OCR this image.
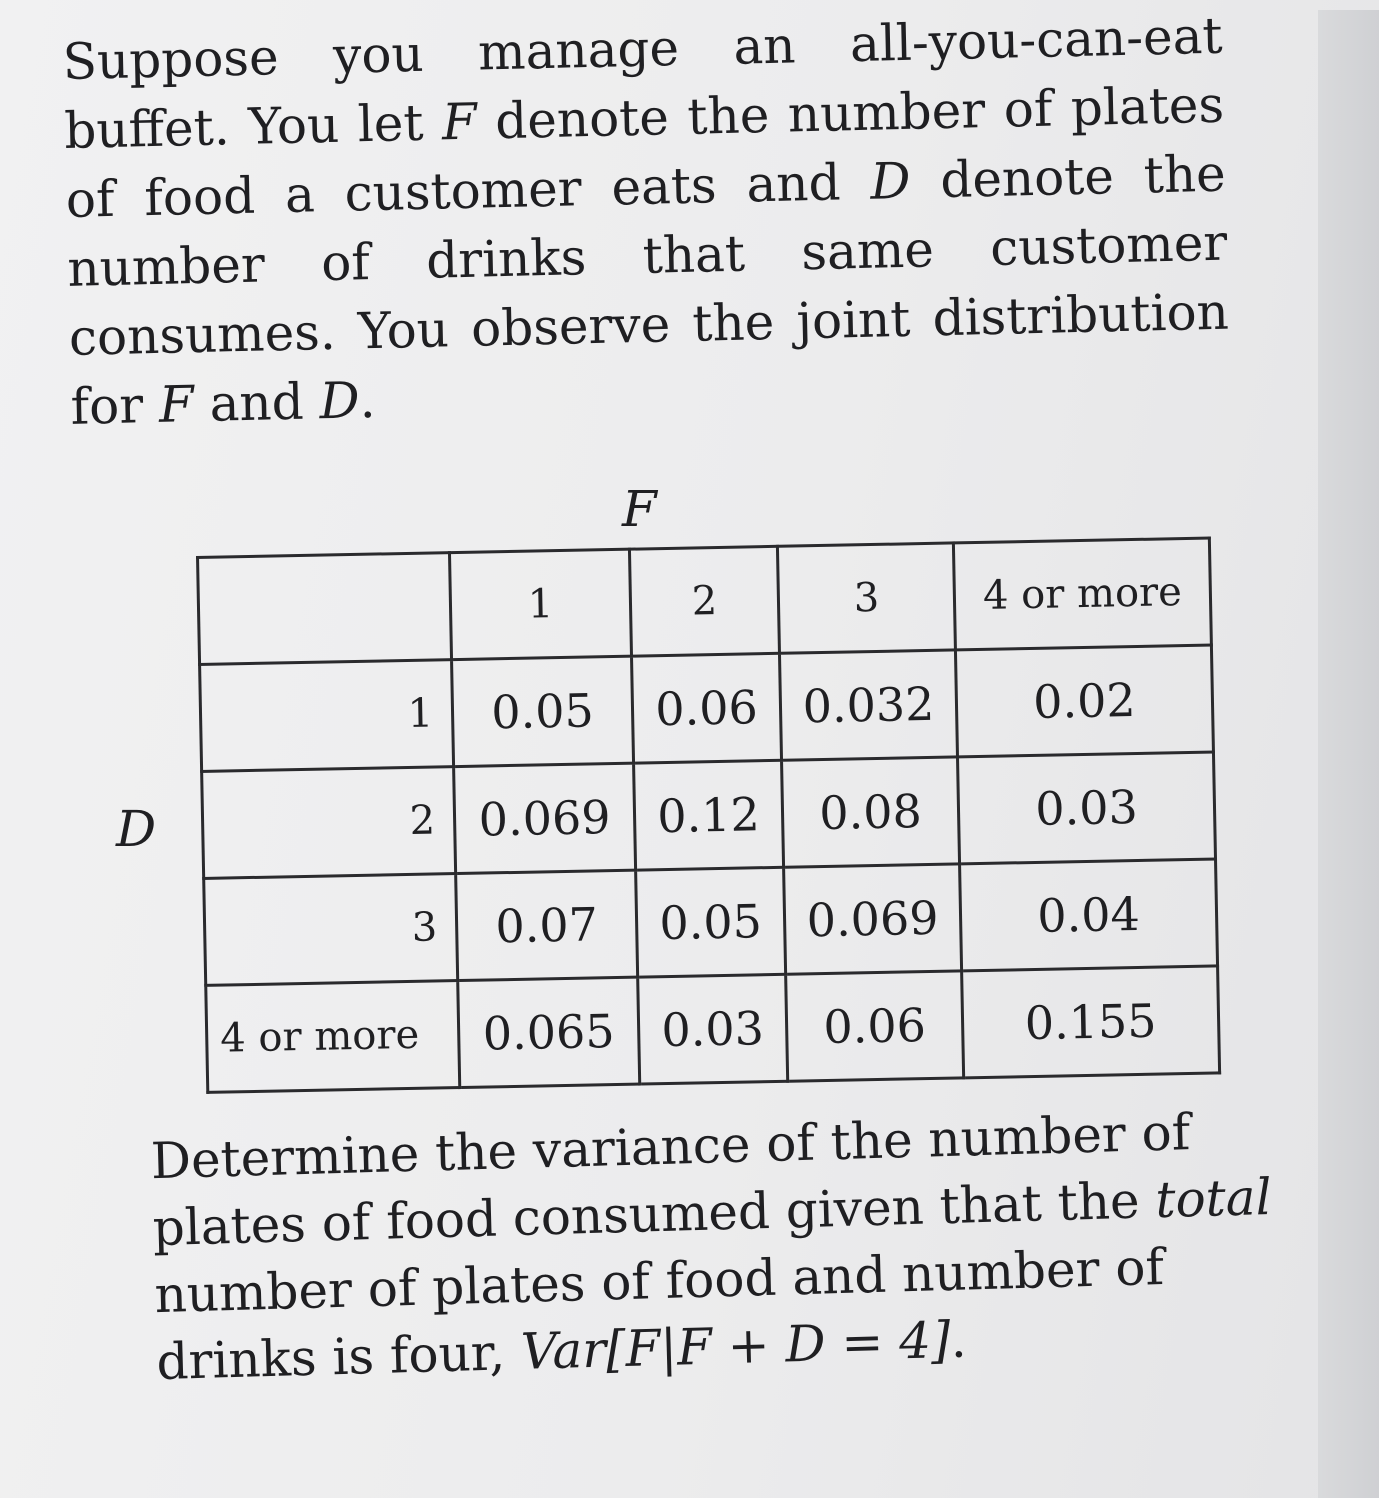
Suppose you manage an all-you-can-eat buffet. You let F denote the number of plates of food a customer eats and D denote the number of drinks that same customer consumes. You observe the joint distribution for F and D.

F
D
	1	2	3	4 or more
1	0.05	0.06	0.032	0.02
2	0.069	0.12	0.08	0.03
3	0.07	0.05	0.069	0.04
4 or more	0.065	0.03	0.06	0.155

Determine the variance of the number of plates of food consumed given that the total number of plates of food and number of drinks is four, Var[F|F + D = 4].
